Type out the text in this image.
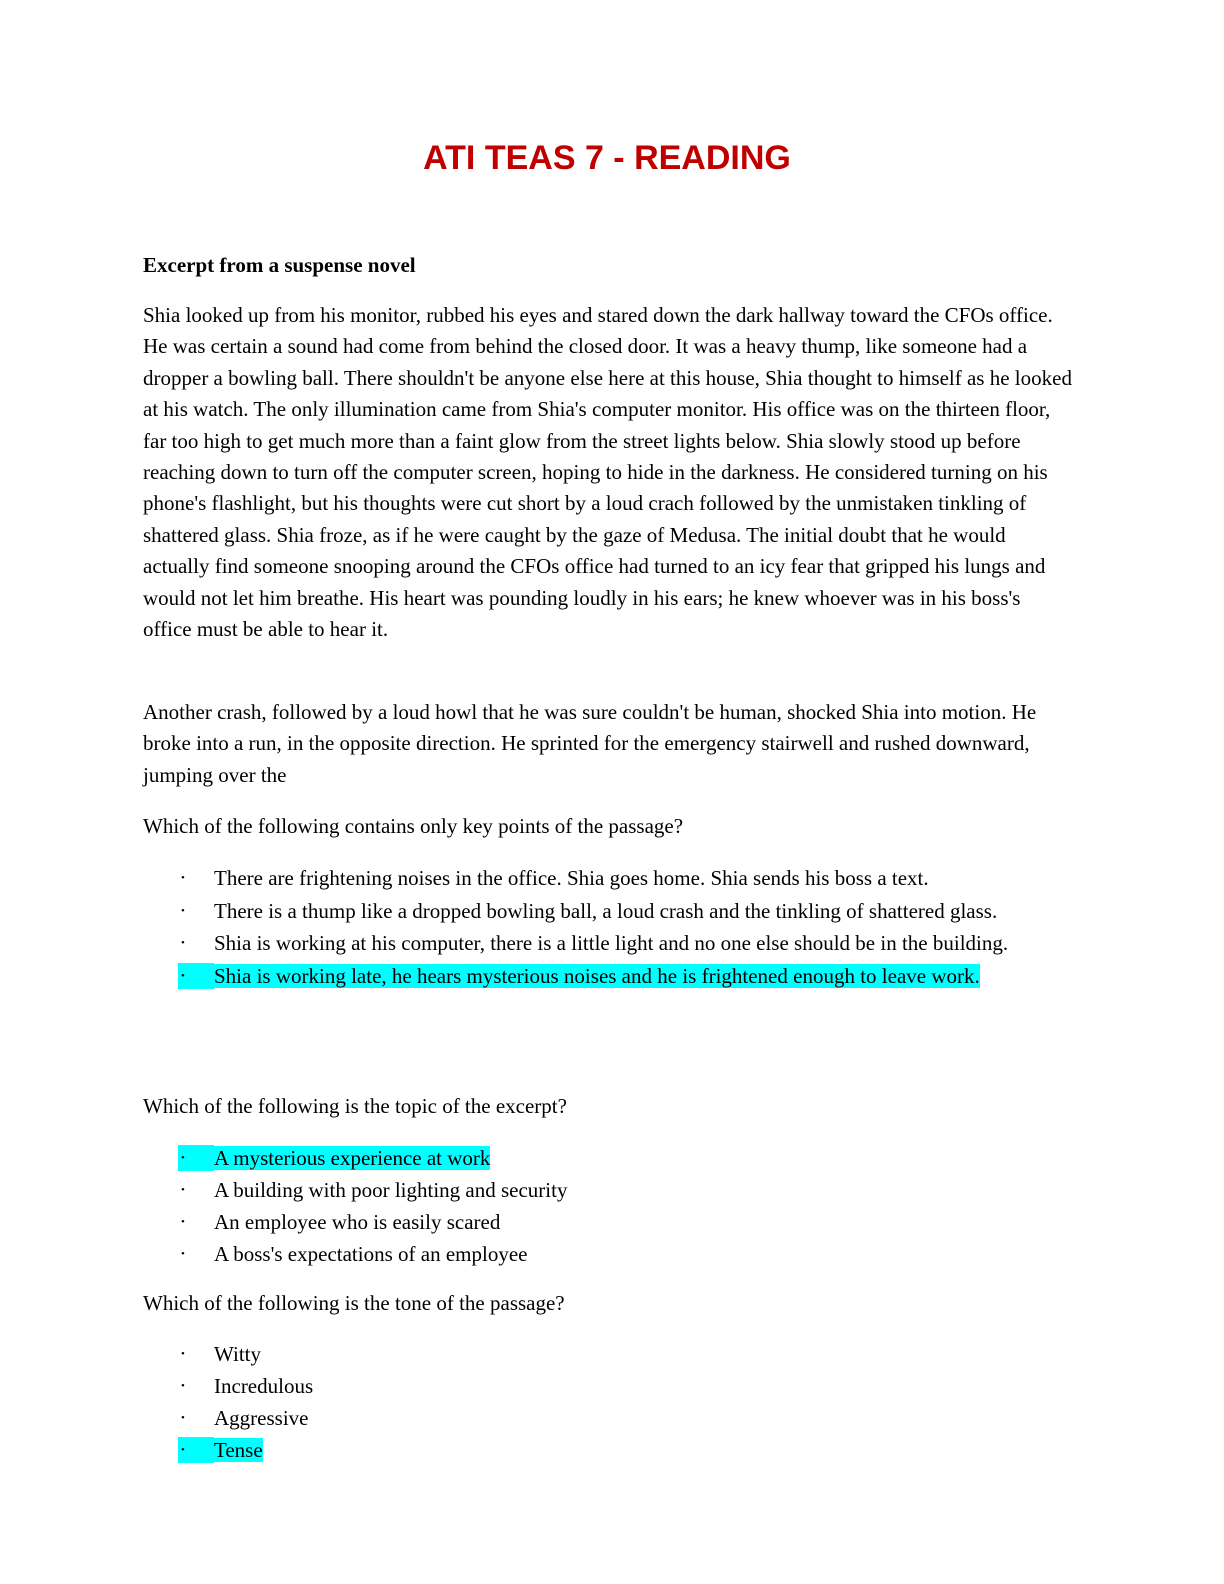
ATI TEAS 7 - READING
Excerpt from a suspense novel
Shia looked up from his monitor, rubbed his eyes and stared down the dark hallway toward the CFOs office. He was certain a sound had come from behind the closed door. It was a heavy thump, like someone had a dropper a bowling ball. There shouldn't be anyone else here at this house, Shia thought to himself as he looked at his watch. The only illumination came from Shia's computer monitor. His office was on the thirteen floor, far too high to get much more than a faint glow from the street lights below. Shia slowly stood up before reaching down to turn off the computer screen, hoping to hide in the darkness. He considered turning on his phone's flashlight, but his thoughts were cut short by a loud crach followed by the unmistaken tinkling of shattered glass. Shia froze, as if he were caught by the gaze of Medusa. The initial doubt that he would actually find someone snooping around the CFOs office had turned to an icy fear that gripped his lungs and would not let him breathe. His heart was pounding loudly in his ears; he knew whoever was in his boss's office must be able to hear it.
Another crash, followed by a loud howl that he was sure couldn't be human, shocked Shia into motion. He broke into a run, in the opposite direction. He sprinted for the emergency stairwell and rushed downward, jumping over the
Which of the following contains only key points of the passage?
• There are frightening noises in the office. Shia goes home. Shia sends his boss a text.
• There is a thump like a dropped bowling ball, a loud crash and the tinkling of shattered glass.
• Shia is working at his computer, there is a little light and no one else should be in the building.
•	Shia is working late, he hears mysterious noises and he is frightened enough to leave work.
Which of the following is the topic of the excerpt?
•	A mysterious experience at work
• A building with poor lighting and security
• An employee who is easily scared
• A boss's expectations of an employee
Which of the following is the tone of the passage?
• Witty
• Incredulous
• Aggressive
•	Tense
